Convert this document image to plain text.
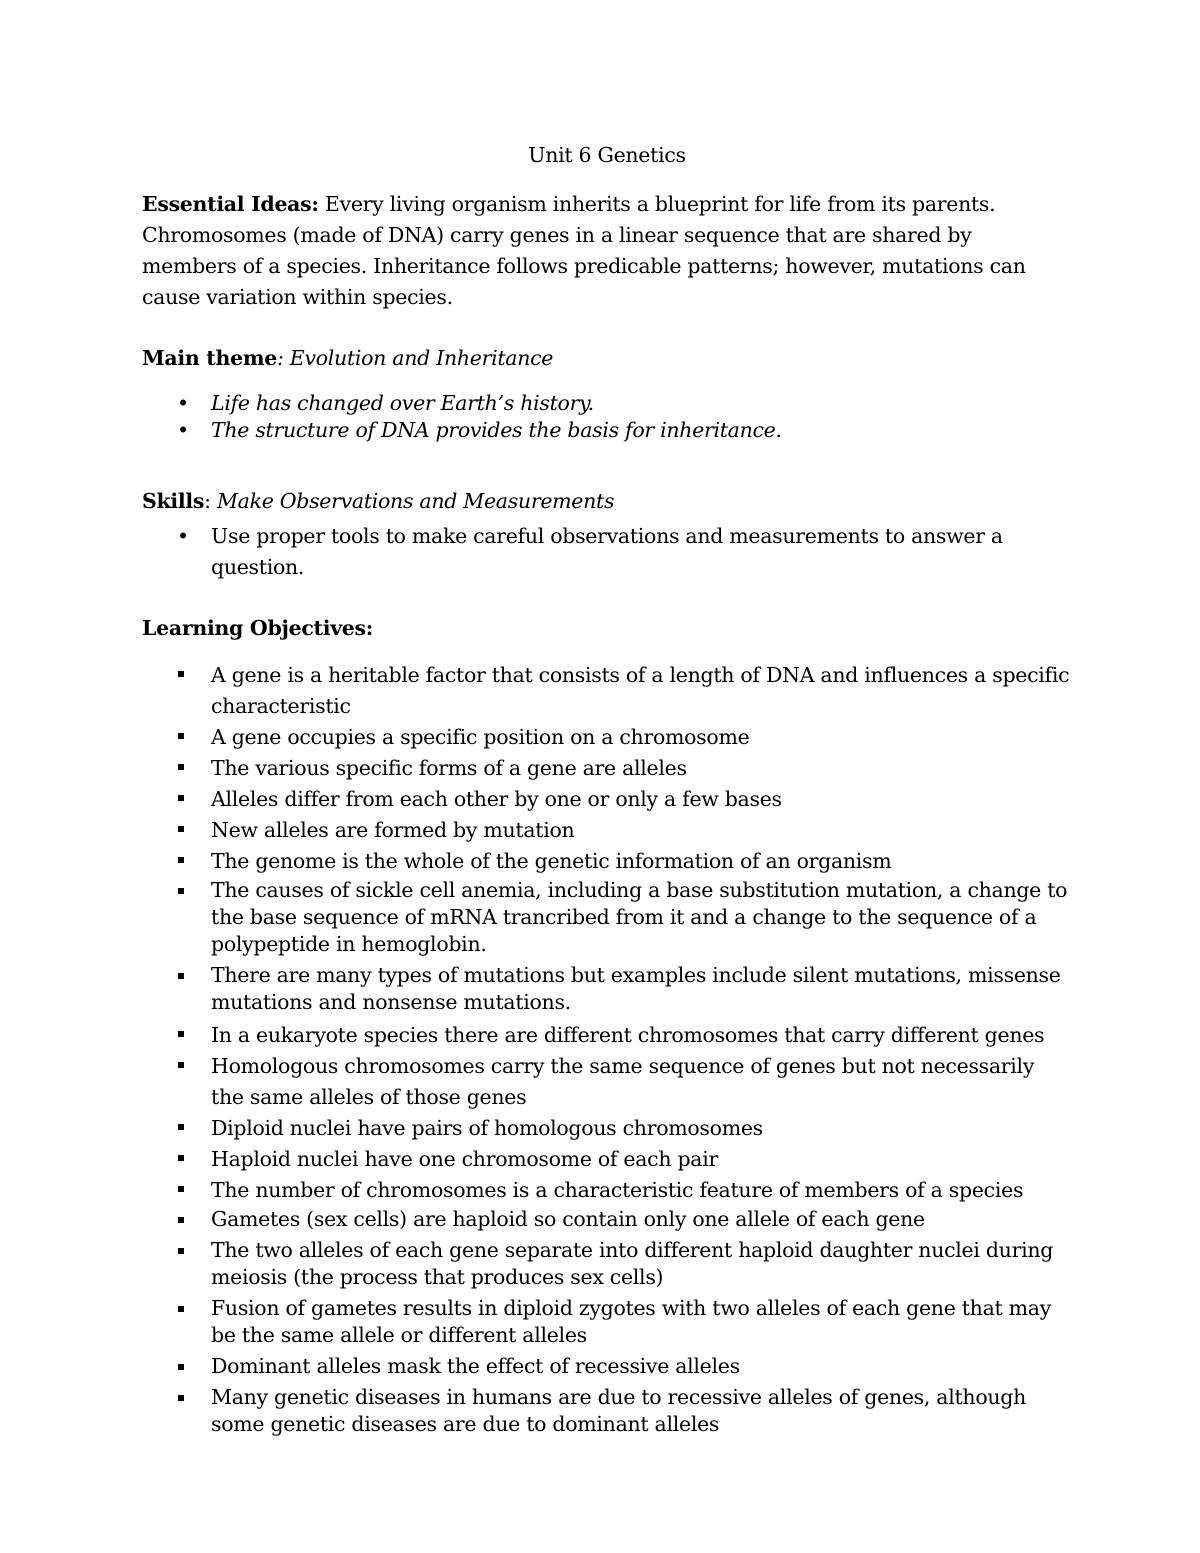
Unit 6 Genetics

Essential Ideas: Every living organism inherits a blueprint for life from its parents. Chromosomes (made of DNA) carry genes in a linear sequence that are shared by members of a species. Inheritance follows predicable patterns; however, mutations can cause variation within species.

Main theme: Evolution and Inheritance

• Life has changed over Earth’s history.
• The structure of DNA provides the basis for inheritance.

Skills: Make Observations and Measurements

• Use proper tools to make careful observations and measurements to answer a question.

Learning Objectives:

A gene is a heritable factor that consists of a length of DNA and influences a specific characteristic
A gene occupies a specific position on a chromosome
The various specific forms of a gene are alleles
Alleles differ from each other by one or only a few bases
New alleles are formed by mutation
The genome is the whole of the genetic information of an organism
The causes of sickle cell anemia, including a base substitution mutation, a change to the base sequence of mRNA trancribed from it and a change to the sequence of a polypeptide in hemoglobin.
There are many types of mutations but examples include silent mutations, missense mutations and nonsense mutations.
In a eukaryote species there are different chromosomes that carry different genes
Homologous chromosomes carry the same sequence of genes but not necessarily the same alleles of those genes
Diploid nuclei have pairs of homologous chromosomes
Haploid nuclei have one chromosome of each pair
The number of chromosomes is a characteristic feature of members of a species
Gametes (sex cells) are haploid so contain only one allele of each gene
The two alleles of each gene separate into different haploid daughter nuclei during meiosis (the process that produces sex cells)
Fusion of gametes results in diploid zygotes with two alleles of each gene that may be the same allele or different alleles
Dominant alleles mask the effect of recessive alleles
Many genetic diseases in humans are due to recessive alleles of genes, although some genetic diseases are due to dominant alleles
